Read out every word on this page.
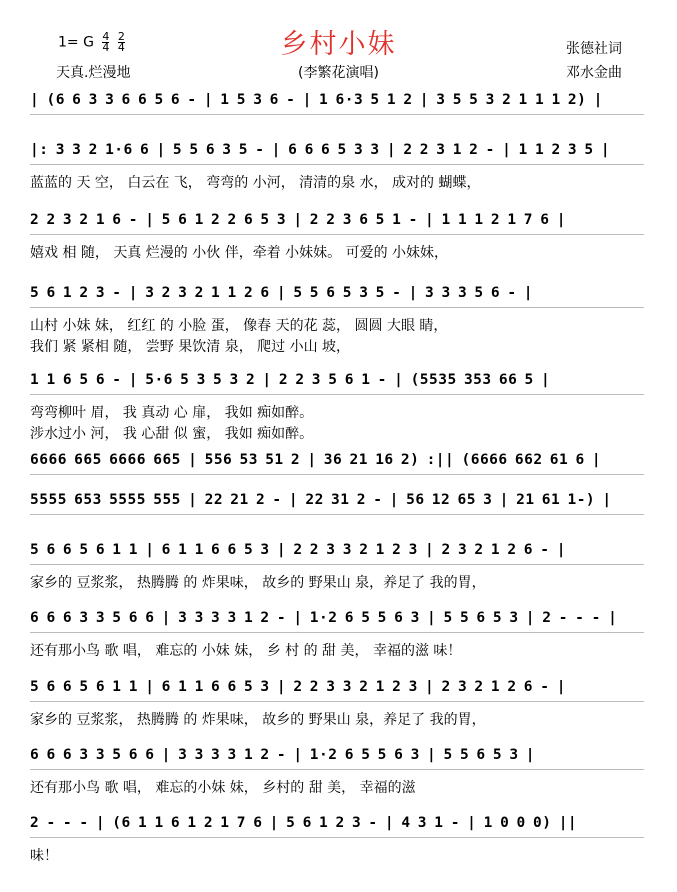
乡村小妹
1= G $\frac{4}{4}$
$\frac{2}{4}$
天真.烂漫地	(李繁花演唱)
张德社词
邓水金曲
| (6 6 3 3 6 6 5 6 - | 1 5 3 6 - | 1 6·3 5 1 2 | 3 5 5 3 2 1 1 1 2) |
|: 3 3 2 1·6 6 | 5 5 6 3 5 - | 6 6 6 5 3 3 | 2 2 3 1 2 - | 1 1 2 3 5 |
蓝蓝的 天 空， 白云在 飞， 弯弯的 小河， 清清的泉 水， 成对的 蝴蝶，
2 2 3 2 1 6 - | 5 6 1 2 2 6 5 3 | 2 2 3 6 5 1 - | 1 1 1 2 1 7 6 |
嬉戏 相 随， 天真 烂漫的 小伙 伴，牵着 小妹妹。 可爱的 小妹妹，
5 6 1 2 3 - | 3 2 3 2 1 1 2 6 | 5 5 6 5 3 5 - | 3 3 3 5 6 - |
山村 小妹 妹， 红红 的 小脸 蛋， 像春 天的花 蕊， 圆圆 大眼 睛，
我们 紧 紧相 随， 尝野 果饮清 泉， 爬过 小山 坡，
1 1 6 5 6 - | 5·6 5 3 5 3 2 | 2 2 3 5 6 1 - | (5535 353 66 5 |
弯弯柳叶 眉， 我 真动 心 扉， 我如 痴如醉。
涉水过小 河， 我 心甜 似 蜜， 我如 痴如醉。
6666 665 6666 665 | 556 53 51 2 | 36 21 16 2) :|| (6666 662 61 6 |
5555 653 5555 555 | 22 21 2 - | 22 31 2 - | 56 12 65 3 | 21 61 1-) |
5 6 6 5 6 1 1 | 6 1 1 6 6 5 3 | 2 2 3 3 2 1 2 3 | 2 3 2 1 2 6 - |
家乡的 豆浆浆， 热腾腾 的 炸果味， 故乡的 野果山 泉，养足了 我的胃，
6 6 6 3 3 5 6 6 | 3 3 3 3 1 2 - | 1·2 6 5 5 6 3 | 5 5 6 5 3 | 2 - - - |
还有那小鸟 歌 唱， 难忘的 小妹 妹， 乡 村 的 甜 美， 幸福的滋 味！
5 6 6 5 6 1 1 | 6 1 1 6 6 5 3 | 2 2 3 3 2 1 2 3 | 2 3 2 1 2 6 - |
家乡的 豆浆浆， 热腾腾 的 炸果味， 故乡的 野果山 泉，养足了 我的胃，
6 6 6 3 3 5 6 6 | 3 3 3 3 1 2 - | 1·2 6 5 5 6 3 | 5 5 6 5 3 |
还有那小鸟 歌 唱， 难忘的小妹 妹， 乡村的 甜 美， 幸福的滋
2 - - - | (6 1 1 6 1 2 1 7 6 | 5 6 1 2 3 - | 4 3 1 - | 1 0 0 0) ||
味！
